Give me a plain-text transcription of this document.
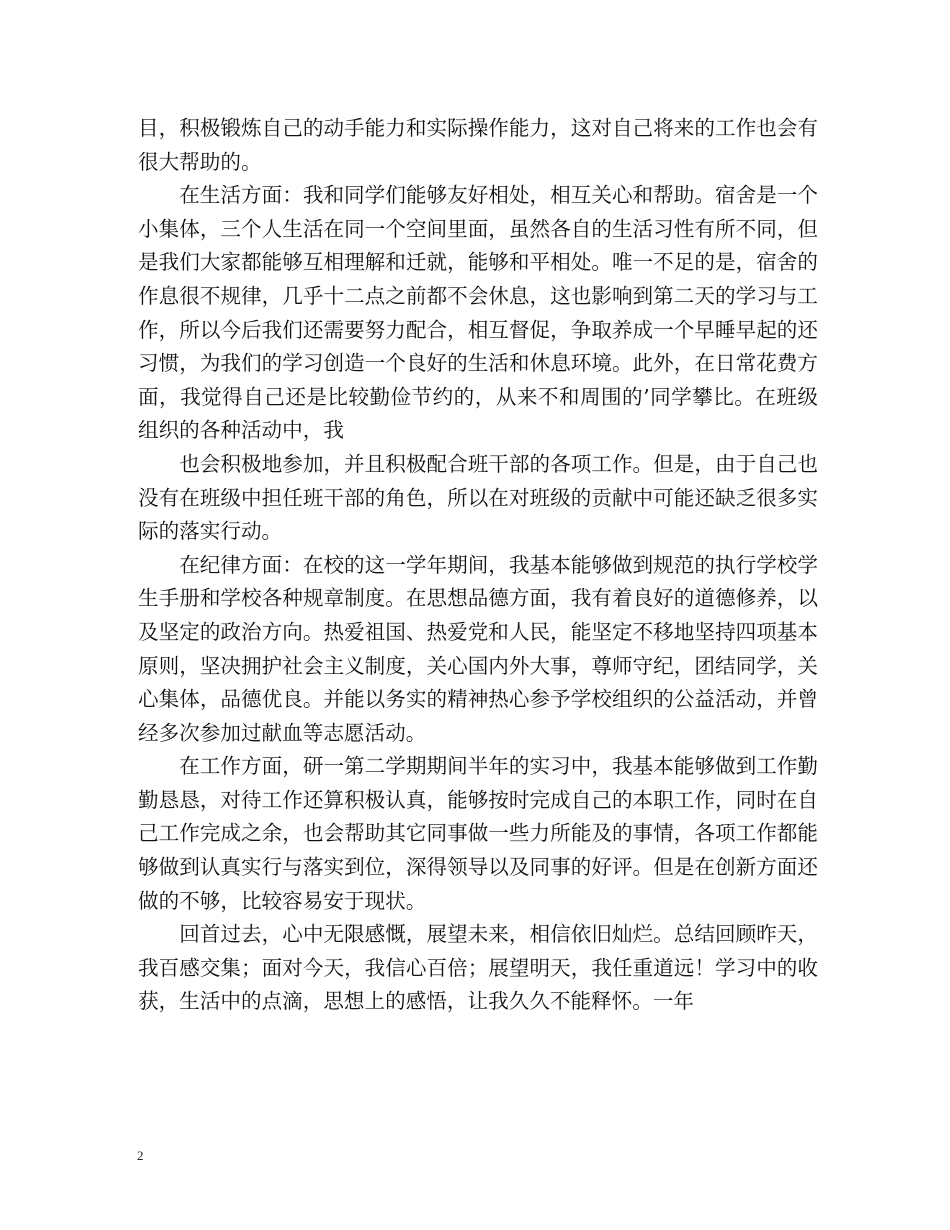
目，积极锻炼自己的动手能力和实际操作能力，这对自己将来的工作也会有很大帮助的。

在生活方面：我和同学们能够友好相处，相互关心和帮助。宿舍是一个小集体，三个人生活在同一个空间里面，虽然各自的生活习性有所不同，但是我们大家都能够互相理解和迁就，能够和平相处。唯一不足的是，宿舍的作息很不规律，几乎十二点之前都不会休息，这也影响到第二天的学习与工作，所以今后我们还需要努力配合，相互督促，争取养成一个早睡早起的还习惯，为我们的学习创造一个良好的生活和休息环境。此外，在日常花费方面，我觉得自己还是比较勤俭节约的，从来不和周围的’同学攀比。在班级组织的各种活动中，我

也会积极地参加，并且积极配合班干部的各项工作。但是，由于自己也没有在班级中担任班干部的角色，所以在对班级的贡献中可能还缺乏很多实际的落实行动。

在纪律方面：在校的这一学年期间，我基本能够做到规范的执行学校学生手册和学校各种规章制度。在思想品德方面，我有着良好的道德修养，以及坚定的政治方向。热爱祖国、热爱党和人民，能坚定不移地坚持四项基本原则，坚决拥护社会主义制度，关心国内外大事，尊师守纪，团结同学，关心集体，品德优良。并能以务实的精神热心参予学校组织的公益活动，并曾经多次参加过献血等志愿活动。

在工作方面，研一第二学期期间半年的实习中，我基本能够做到工作勤勤恳恳，对待工作还算积极认真，能够按时完成自己的本职工作，同时在自己工作完成之余，也会帮助其它同事做一些力所能及的事情，各项工作都能够做到认真实行与落实到位，深得领导以及同事的好评。但是在创新方面还做的不够，比较容易安于现状。

回首过去，心中无限感慨，展望未来，相信依旧灿烂。总结回顾昨天，我百感交集；面对今天，我信心百倍；展望明天，我任重道远！学习中的收获，生活中的点滴，思想上的感悟，让我久久不能释怀。一年

2
